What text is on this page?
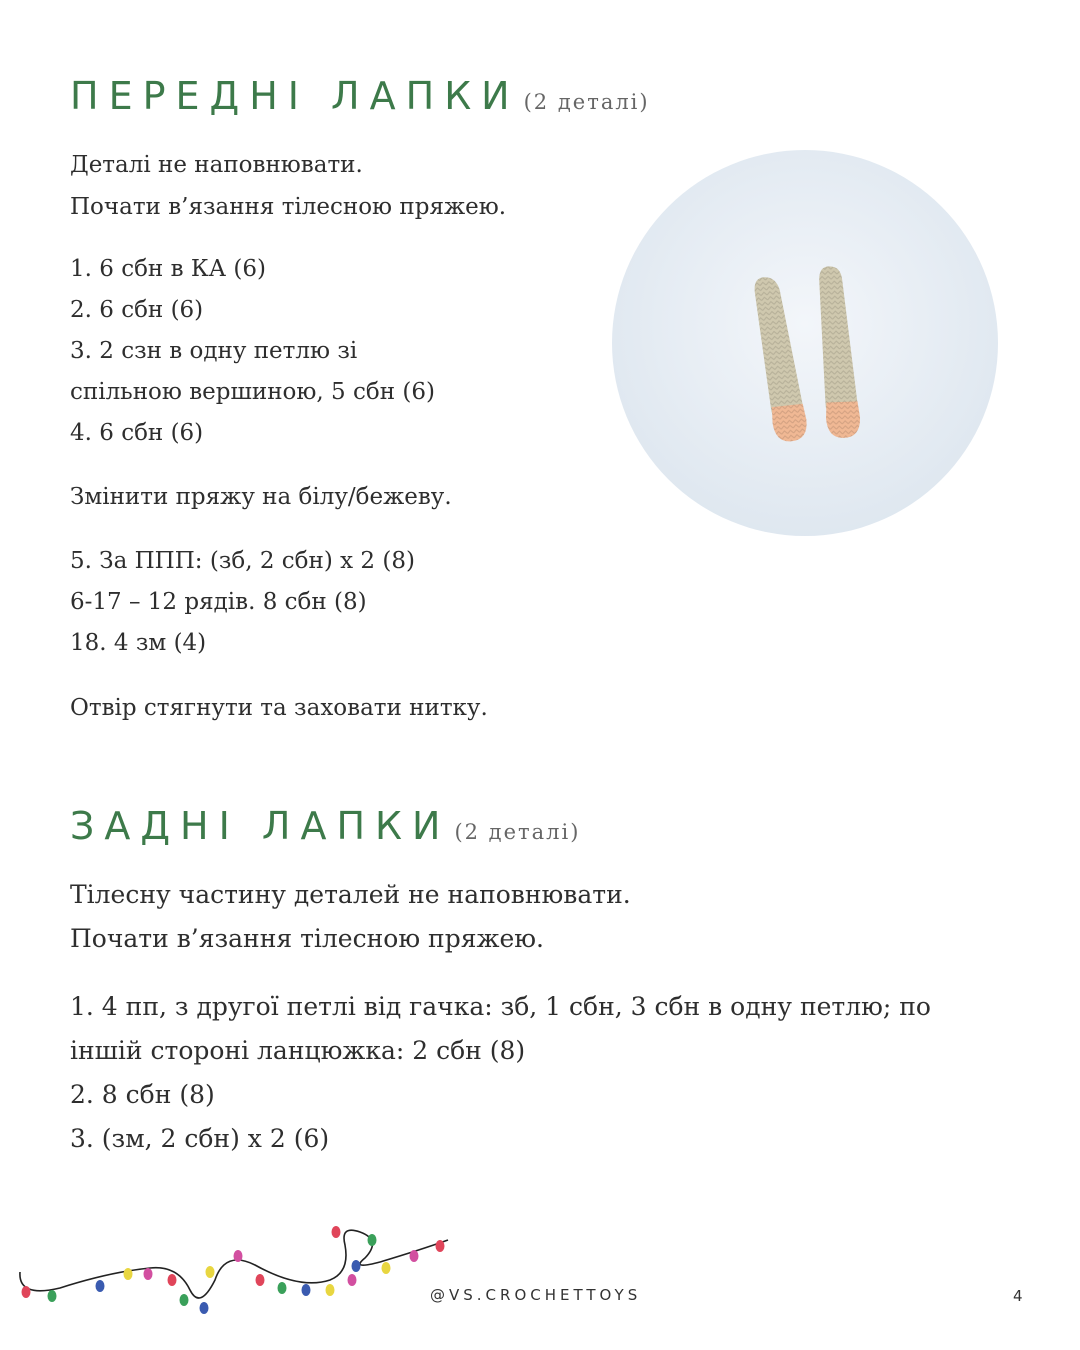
ПЕРЕДНІ ЛАПКИ (2 деталі)
Деталі не наповнювати.
Почати в’язання тілесною пряжею.
1. 6 сбн в КА (6)
2. 6 сбн (6)
3. 2 сзн в одну петлю зі
спільною вершиною, 5 сбн (6)
4. 6 сбн (6)
Змінити пряжу на білу/бежеву.
5. За ППП: (зб, 2 сбн) х 2 (8)
6-17 – 12 рядів. 8 сбн (8)
18. 4 зм (4)
Отвір стягнути та заховати нитку.
ЗАДНІ ЛАПКИ (2 деталі)
Тілесну частину деталей не наповнювати.
Почати в’язання тілесною пряжею.
1. 4 пп, з другої петлі від гачка: зб, 1 сбн, 3 сбн в одну петлю; по
іншій стороні ланцюжка: 2 сбн (8)
2. 8 сбн (8)
3. (зм, 2 сбн) х 2 (6)
@VS.CROCHETTOYS	4
